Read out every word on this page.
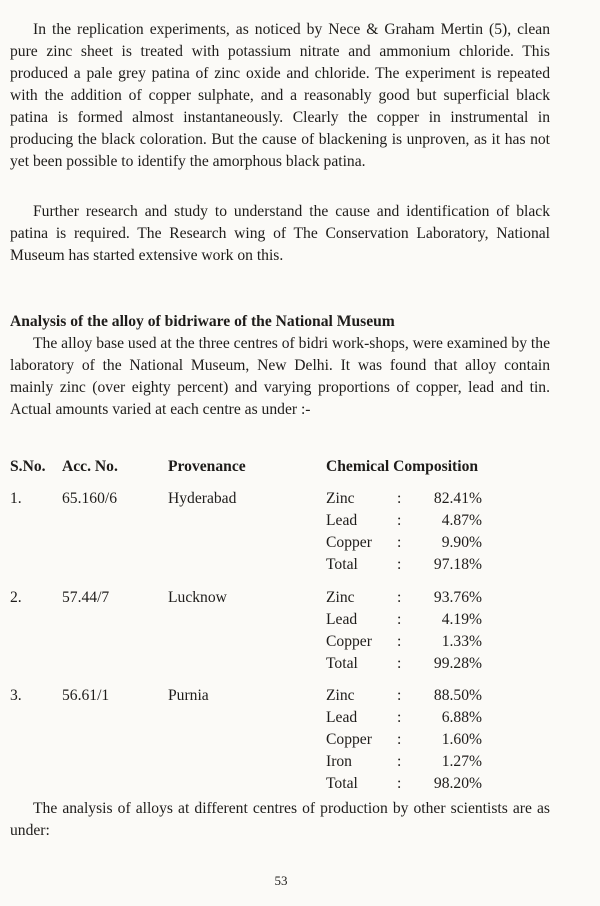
In the replication experiments, as noticed by Nece & Graham Mertin (5), clean pure zinc sheet is treated with potassium nitrate and ammonium chloride. This produced a pale grey patina of zinc oxide and chloride. The experiment is repeated with the addition of copper sulphate, and a reasonably good but superficial black patina is formed almost instantaneously. Clearly the copper in instrumental in producing the black coloration. But the cause of blackening is unproven, as it has not yet been possible to identify the amorphous black patina.

Further research and study to understand the cause and identification of black patina is required. The Research wing of The Conservation Laboratory, National Museum has started extensive work on this.

Analysis of the alloy of bidriware of the National Museum

The alloy base used at the three centres of bidri work-shops, were examined by the laboratory of the National Museum, New Delhi. It was found that alloy contain mainly zinc (over eighty percent) and varying proportions of copper, lead and tin. Actual amounts varied at each centre as under :-

S.No. Acc. No.	Provenance	Chemical Composition
1.	65.160/6	Hyderabad	Zinc	:	82.41%
Lead	:	4.87%
Copper :	9.90%
Total	:	97.18%
2.	57.44/7	Lucknow	Zinc	:	93.76%
Lead	:	4.19%
Copper :	1.33%
Total	:	99.28%
3.	56.61/1	Purnia	Zinc	:	88.50%
Lead	:	6.88%
Copper :	1.60%
Iron	:	1.27%
Total	:	98.20%

The analysis of alloys at different centres of production by other scientists are as under:

53
